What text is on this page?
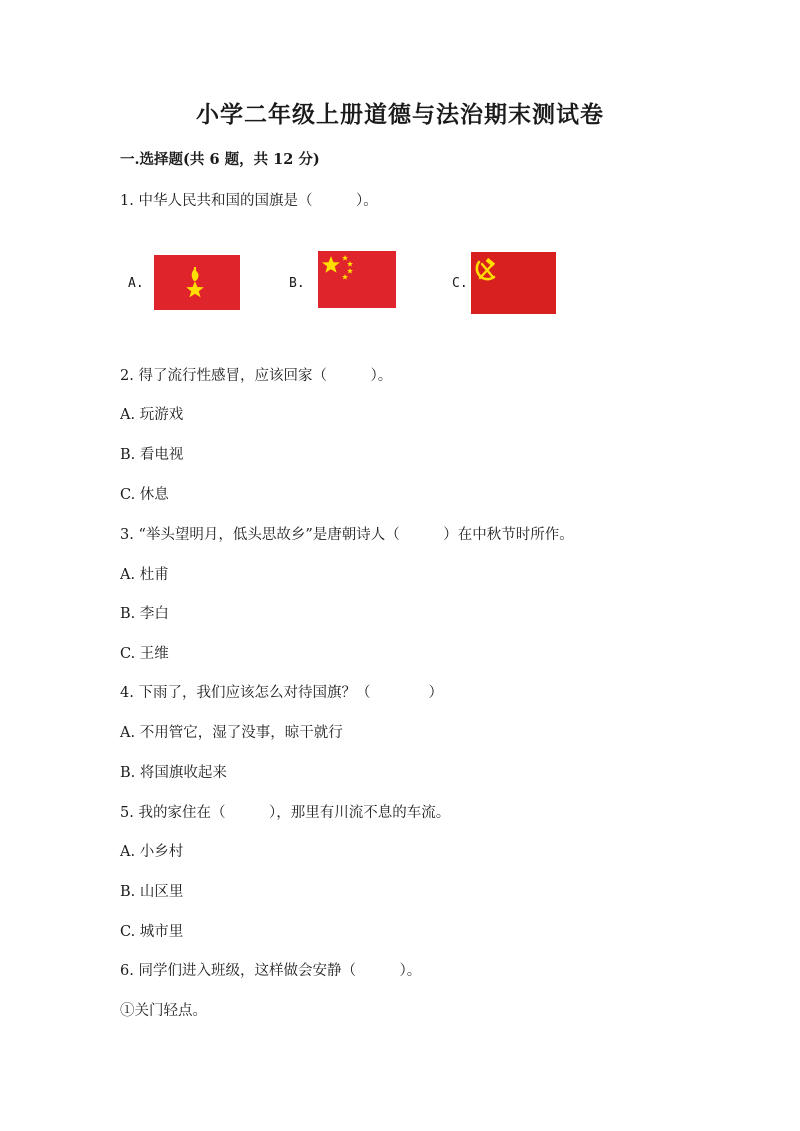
小学二年级上册道德与法治期末测试卷
一.选择题(共 6 题，共 12 分)
1. 中华人民共和国的国旗是（　　　）。
A.	B.	C.
2. 得了流行性感冒，应该回家（　　　）。
A. 玩游戏
B. 看电视
C. 休息
3. “举头望明月，低头思故乡”是唐朝诗人（　　　）在中秋节时所作。
A. 杜甫
B. 李白
C. 王维
4. 下雨了，我们应该怎么对待国旗？（　　　　）
A. 不用管它，湿了没事，晾干就行
B. 将国旗收起来
5. 我的家住在（　　　），那里有川流不息的车流。
A. 小乡村
B. 山区里
C. 城市里
6. 同学们进入班级，这样做会安静（　　　）。
①关门轻点。
